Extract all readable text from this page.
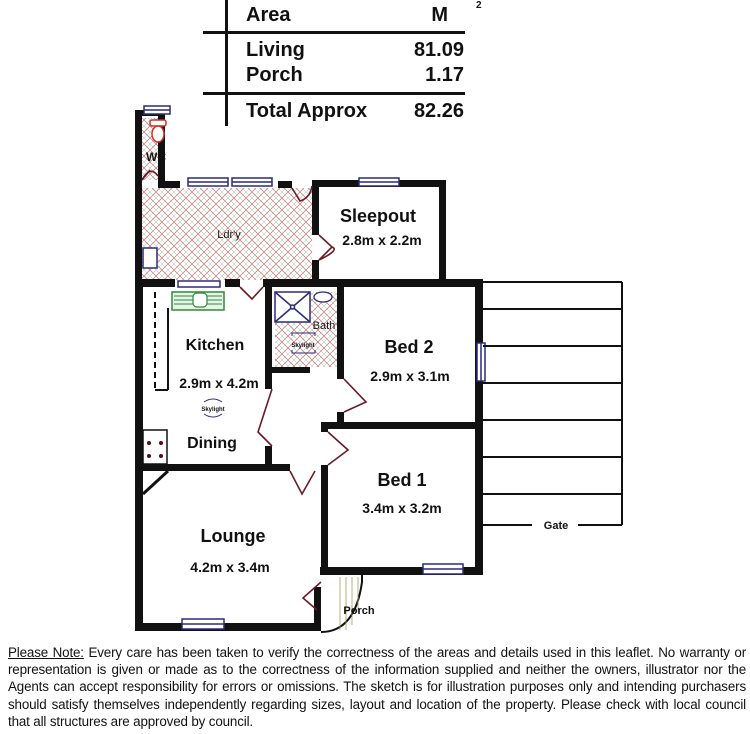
Area	M	2
Living	81.09
Porch	1.17
Total Approx 82.26
WC
Ldr'y
Sleepout
2.8m x 2.2m
Kitchen
2.9m x 4.2m
Skylight
Dining
Bath
Skylight	Bed 2
2.9m x 3.1m
Bed 1
3.4m x 3.2m
Lounge
4.2m x 3.4m
Porch
Gate
Please Note: Every care has been taken to verify the correctness of the areas and details used in this leaflet. No warranty or representation is given or made as to the correctness of the information supplied and neither the owners, illustrator nor the Agents can accept responsibility for errors or omissions. The sketch is for illustration purposes only and intending purchasers should satisfy themselves independently regarding sizes, layout and location of the property. Please check with local council that all structures are approved by council.
